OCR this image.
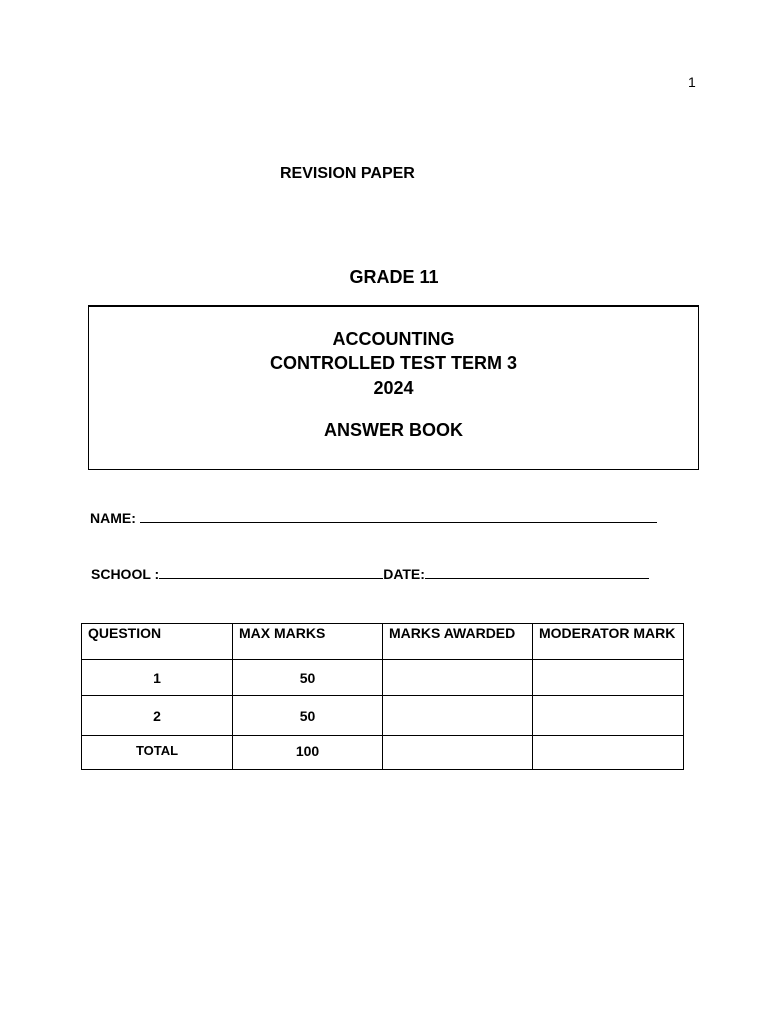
1
REVISION PAPER
GRADE 11
ACCOUNTING
CONTROLLED TEST TERM 3
2024
ANSWER BOOK
NAME:
SCHOOL :	DATE:
QUESTION	MAX MARKS	MARKS AWARDED	MODERATOR MARK
1	50		
2	50		
TOTAL	100		
